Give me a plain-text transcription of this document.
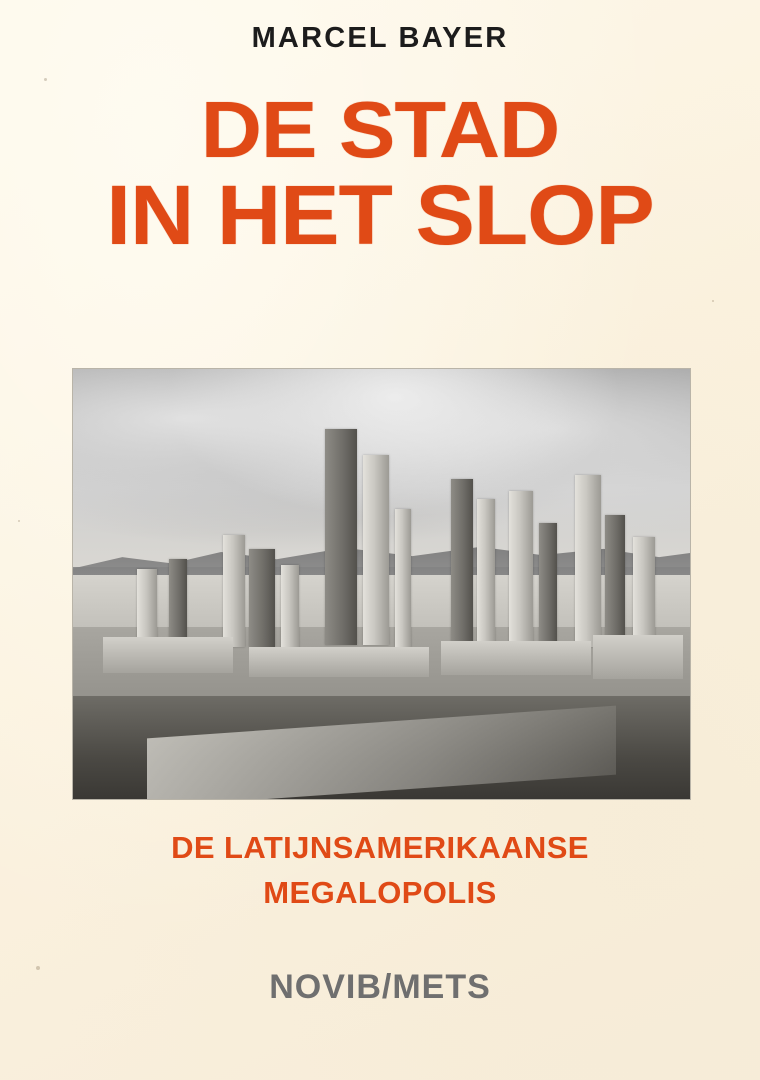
MARCEL BAYER
DE STAD
IN HET SLOP
DE LATIJNSAMERIKAANSE
MEGALOPOLIS
NOVIB/METS
